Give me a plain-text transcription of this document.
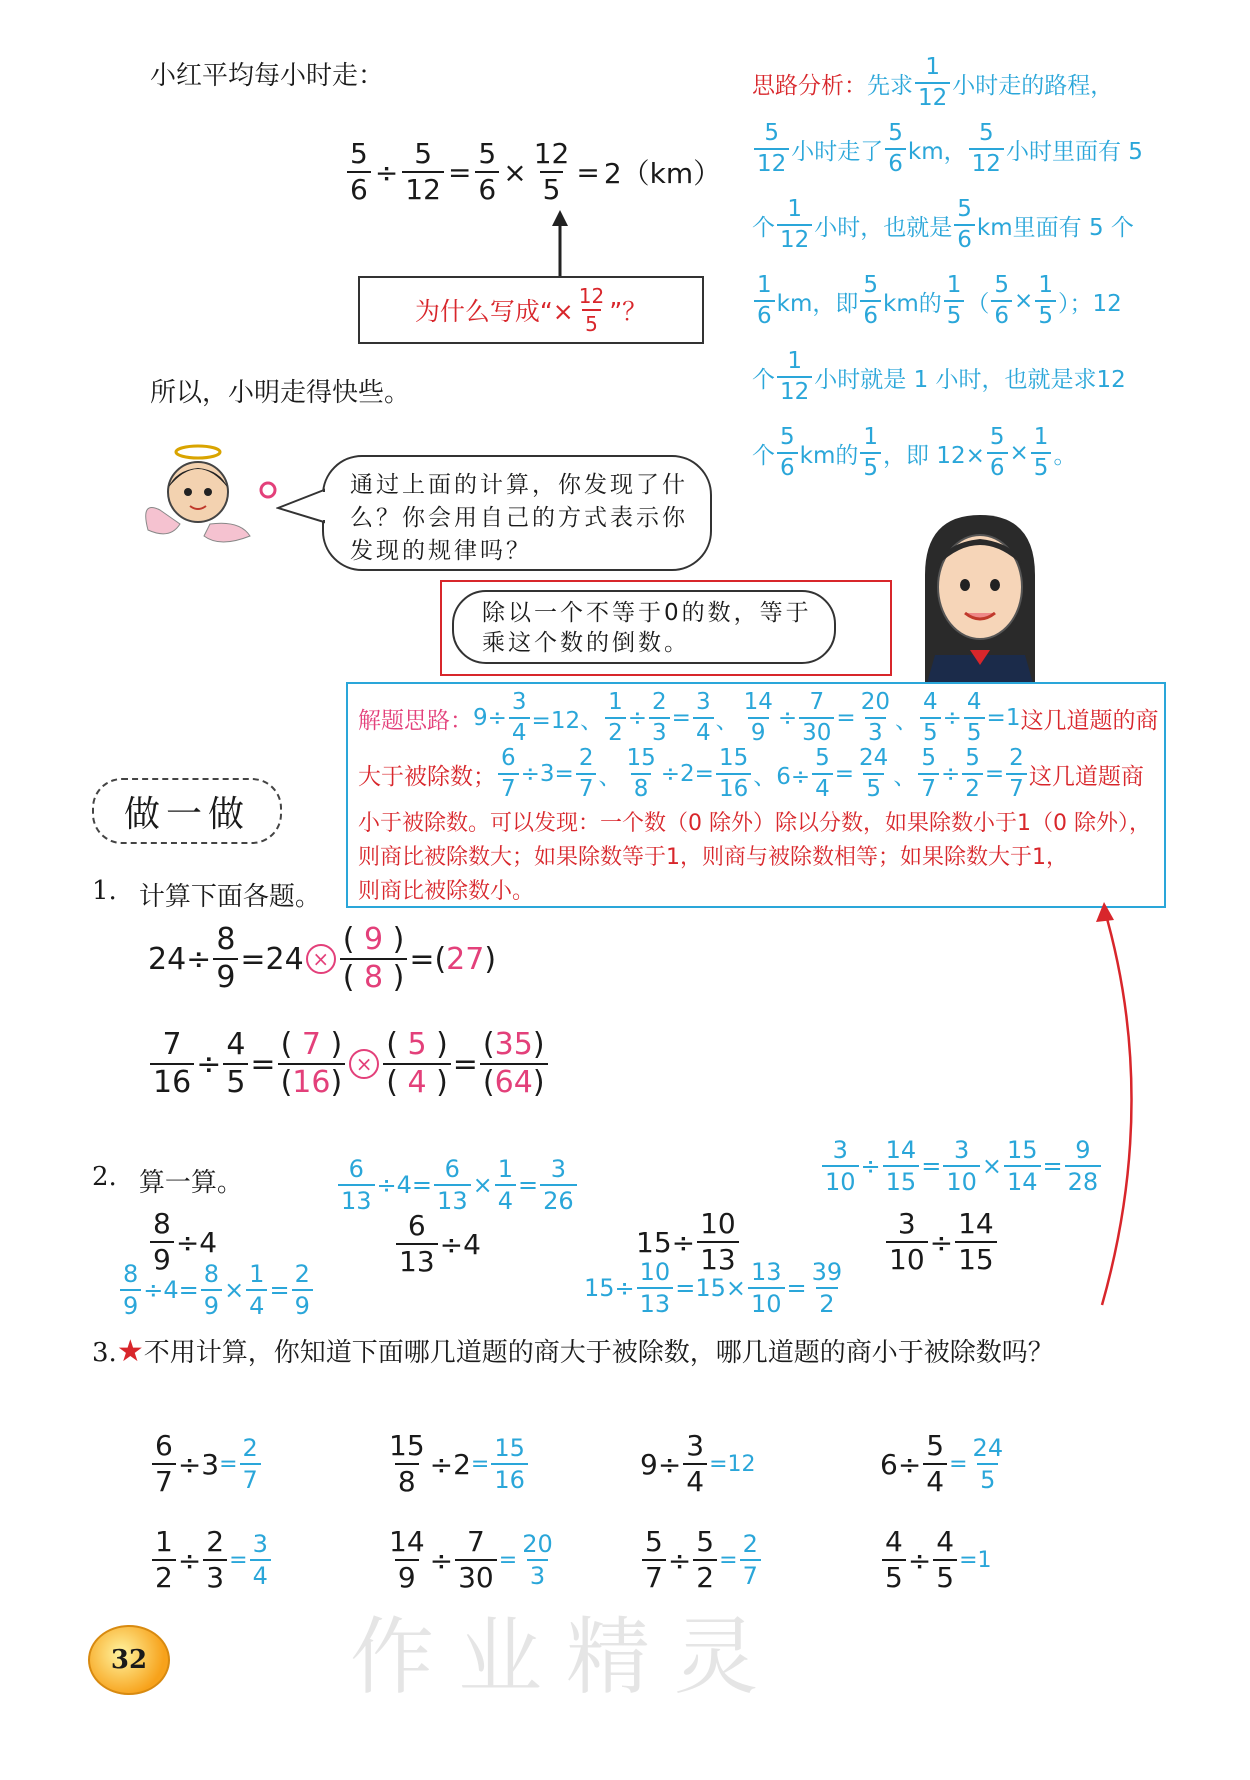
小红平均每小时走：
$\frac{5}{6} \div \frac{5}{12} = \frac{5}{6} \times \frac{12}{5} = 2(km)$
为什么写成“× $\frac{12}{5}$ ”？
所以，小明走得快些。
思路分析： 先求
1
12 小时走的路程，
5
12 小时走了
5
6 km，
5
12 小时里面有 5
个
1
12 小时，也就是
5
6 km里面有 5 个
1
6 km，即
5
6 km的
1
5 （ $\frac{5}{6} \times \frac{1}{5}$ ）；12
个
1
12 小时就是 1 小时，也就是求12
个
5
6 km的
1
5 ，即 $12\times \frac{5}{6} \times \frac{1}{5}$ 。
通过上面的计算，你发现了什么？你会用自己的方式表示你发现的规律吗？
除以一个不等于0的数，等于乘这个数的倒数。
解题思路： $9\div \frac{3}{4} =12$、 $\frac{1}{2} \div \frac{2}{3} = \frac{3}{4}$ 、 $\frac{14}{9} \div \frac{7}{30} = \frac{20}{3}$ 、 $\frac{4}{5} \div \frac{4}{5} =1$ 这几道题的商
大于被除数； $\frac{6}{7} \div 3= \frac{2}{7}$ 、 $\frac{15}{8} \div 2= \frac{15}{16}$ 、$6\div \frac{5}{4} = \frac{24}{5}$ 、 $\frac{5}{7} \div \frac{5}{2} = \frac{2}{7}$ 这几道题商
小于被除数。可以发现：一个数（0 除外）除以分数，如果除数小于1（0 除外），
则商比被除数大；如果除数等于1，则商与被除数相等；如果除数大于1，
则商比被除数小。
做一做
1. 计算下面各题。
$24\div \frac{8}{9} =24 \times \frac{( 9 )}{( 8 )}$ =( 27 )
$\frac{7}{16} \div \frac{4}{5} = \frac{( 7 )}{(16)} \times \frac{( 5 )}{( 4 )} = \frac{(35)}{(64)}$
2. 算一算。
$\frac{8}{9} \div 4$
$\frac{8}{9} \div 4= \frac{8}{9} \times \frac{1}{4} = \frac{2}{9}$
$\frac{6}{13} \div 4= \frac{6}{13} \times \frac{1}{4} = \frac{3}{26}$
$\frac{6}{13} \div 4$	$15\div \frac{10}{13}$
$15\div \frac{10}{13} =15\times \frac{13}{10} = \frac{39}{2}$
$\frac{3}{10} \div \frac{14}{15} = \frac{3}{10} \times \frac{15}{14} = \frac{9}{28}$
$\frac{3}{10} \div \frac{14}{15}$
3.★不用计算，你知道下面哪几道题的商大于被除数，哪几道题的商小于被除数吗？
$\frac{6}{7} \div 3 = \frac{2}{7}$	$\frac{15}{8} \div 2 = \frac{15}{16}$	$9\div \frac{3}{4} =12$	$6\div \frac{5}{4} = \frac{24}{5}$
$\frac{1}{2} \div \frac{2}{3} = \frac{3}{4}$	$\frac{14}{9} \div \frac{7}{30} = \frac{20}{3}$	$\frac{5}{7} \div \frac{5}{2} = \frac{2}{7}$	$\frac{4}{5} \div \frac{4}{5} =1$
作业精灵
32
